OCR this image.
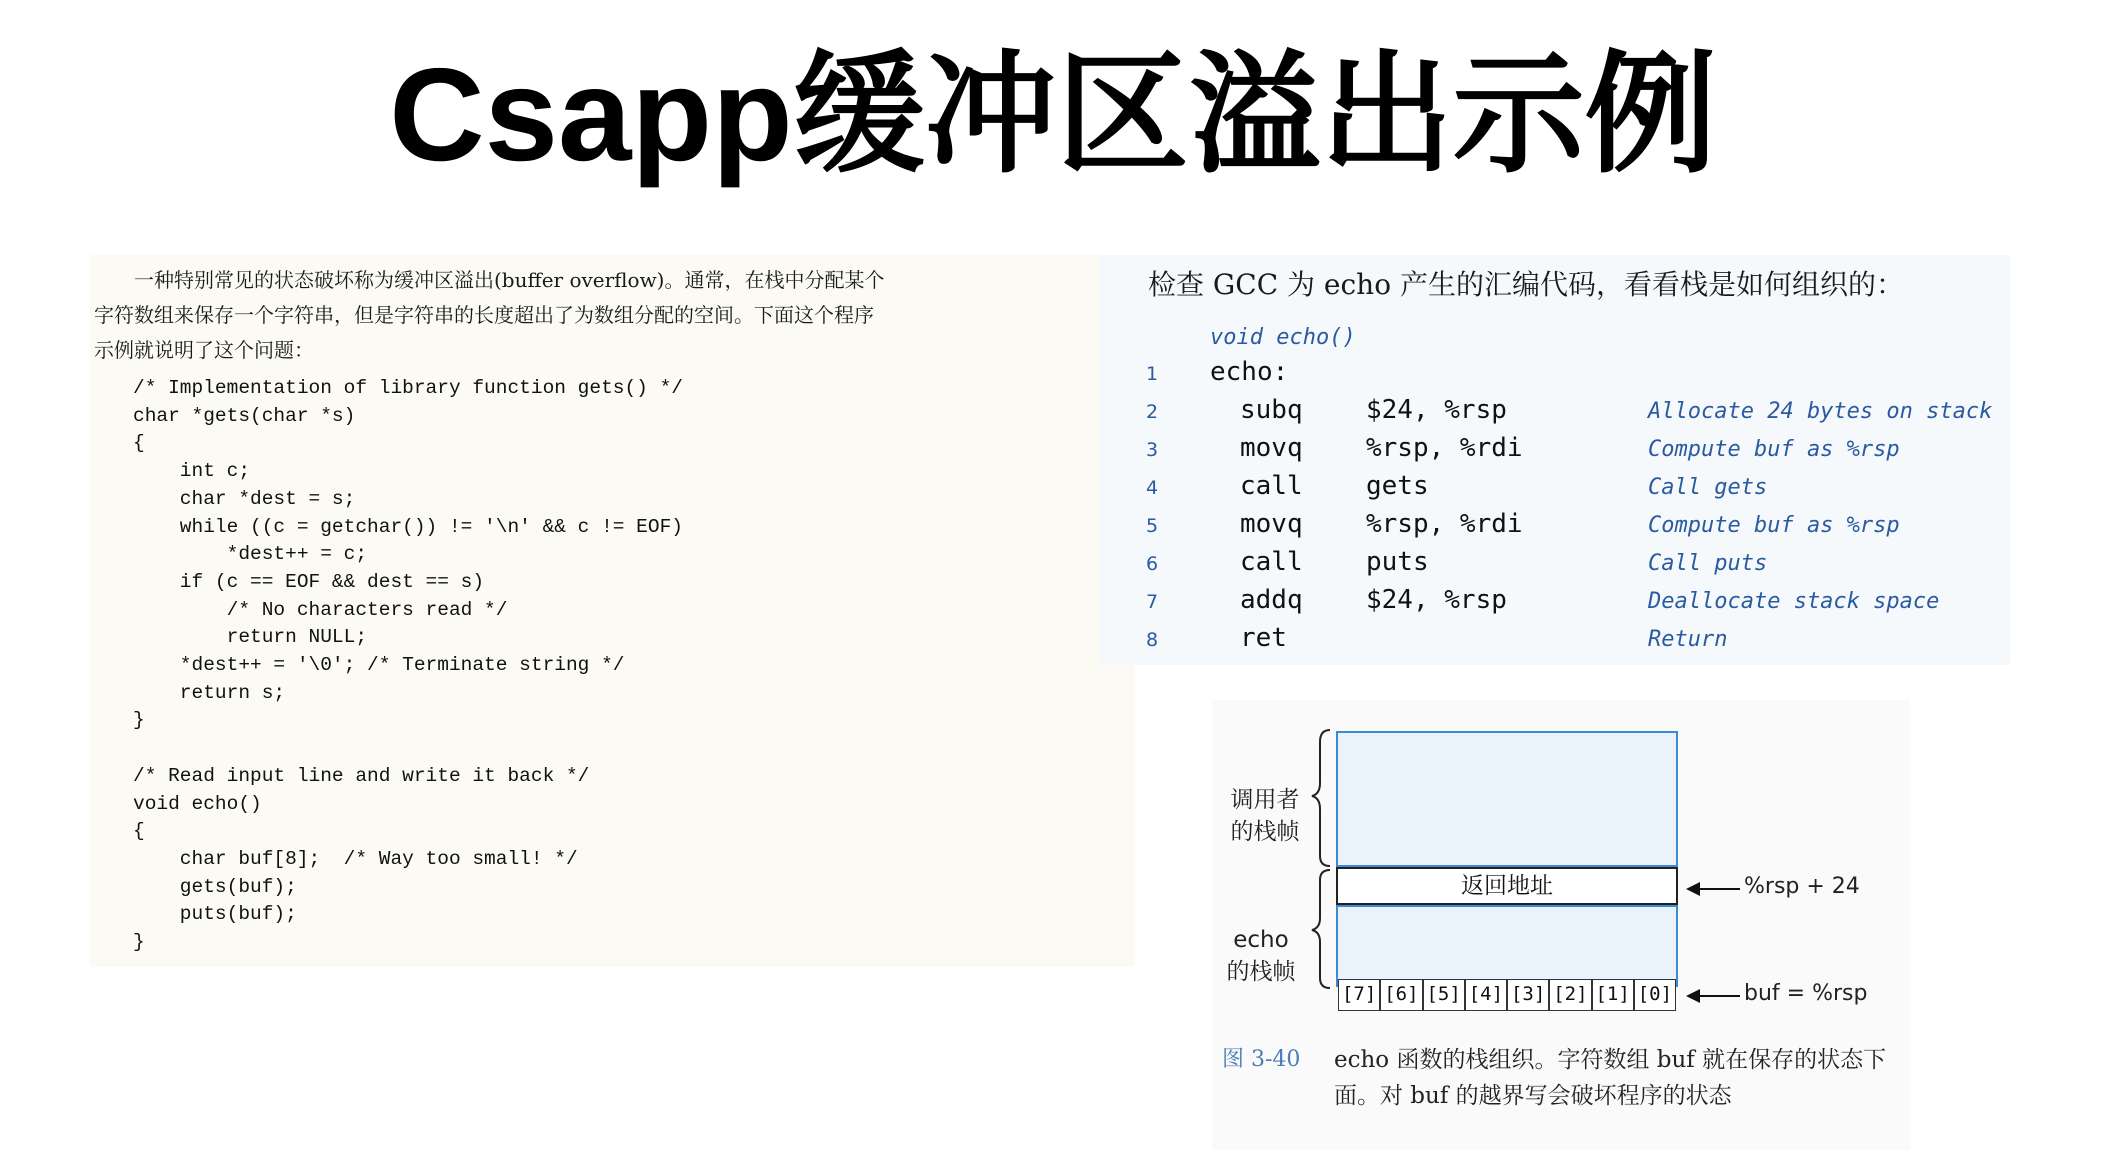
Csapp缓冲区溢出示例
一种特别常见的状态破坏称为缓冲区溢出(buffer overflow)。通常，在栈中分配某个
字符数组来保存一个字符串，但是字符串的长度超出了为数组分配的空间。下面这个程序
示例就说明了这个问题：
/* Implementation of library function gets() */
char *gets(char *s)
{
int c;
char *dest = s;
while ((c = getchar()) != '\n' && c != EOF)
*dest++ = c;
if (c == EOF && dest == s)
/* No characters read */
return NULL;
*dest++ = '\0'; /* Terminate string */
return s;
}
/* Read input line and write it back */
void echo()
{
char buf[8];  /* Way too small! */
gets(buf);
puts(buf);
}
检查 GCC 为 echo 产生的汇编代码，看看栈是如何组织的：
void echo()
1 echo:
2	subq $24, %rsp	Allocate 24 bytes on stack
3	movq %rsp, %rdi	Compute buf as %rsp
4	call gets	Call gets
5	movq %rsp, %rdi	Compute buf as %rsp
6	call puts	Call puts
7	addq $24, %rsp	Deallocate stack space
8	ret	Return
调用者
的栈帧
echo
的栈帧
返回地址
[7] [6] [5] [4] [3] [2] [1] [0]
%rsp + 24
buf = %rsp
图 3-40 echo 函数的栈组织。字符数组 buf 就在保存的状态下面。对 buf 的越界写会破坏程序的状态
